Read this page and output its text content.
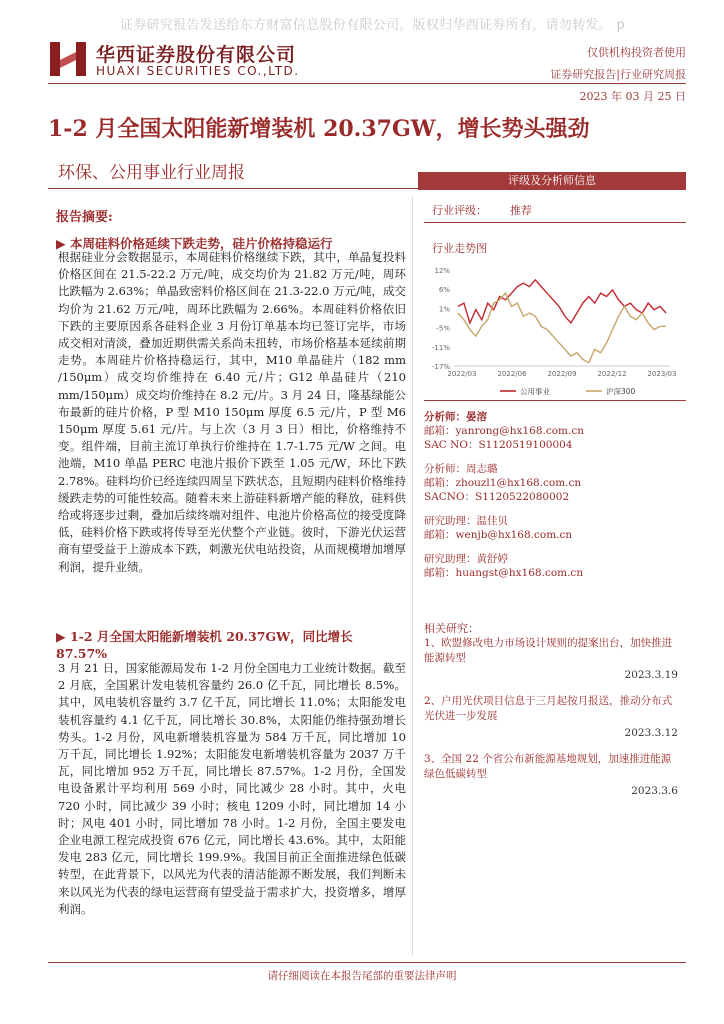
证券研究报告发送给东方财富信息股份有限公司。版权归华西证券所有，请勿转发。 p
华西证券股份有限公司
HUAXI SECURITIES CO.,LTD.
仅供机构投资者使用
证券研究报告|行业研究周报
2023 年 03 月 25 日
1-2 月全国太阳能新增装机 20.37GW，增长势头强劲
环保、公用事业行业周报	评级及分析师信息
报告摘要:
▶ 本周硅料价格延续下跌走势，硅片价格持稳运行
根据硅业分会数据显示，本周硅料价格继续下跌，其中，单晶复投料价格区间在 21.5-22.2 万元/吨，成交均价为 21.82 万元/吨，周环比跌幅为 2.63%；单晶致密料价格区间在 21.3-22.0 万元/吨，成交均价为 21.62 万元/吨，周环比跌幅为 2.66%。本周硅料价格依旧下跌的主要原因系各硅料企业 3 月份订单基本均已签订完毕，市场成交相对清淡，叠加近期供需关系尚未扭转，市场价格基本延续前期走势。本周硅片价格持稳运行，其中，M10 单晶硅片（182 mm /150μm）成交均价维持在 6.40 元/片；G12 单晶硅片（210 mm/150μm）成交均价维持在 8.2 元/片。3 月 24 日，隆基绿能公布最新的硅片价格，P 型 M10 150μm 厚度 6.5 元/片，P 型 M6 150μm 厚度 5.61 元/片。与上次（3 月 3 日）相比，价格维持不变。组件端，目前主流订单执行价维持在 1.7-1.75 元/W 之间。电池端，M10 单晶 PERC 电池片报价下跌至 1.05 元/W，环比下跌 2.78%。硅料均价已经连续四周呈下跌状态，且短期内硅料价格维持缓跌走势的可能性较高。随着未来上游硅料新增产能的释放，硅料供给或将逐步过剩，叠加后续终端对组件、电池片价格高位的接受度降低，硅料价格下跌或将传导至光伏整个产业链。彼时，下游光伏运营商有望受益于上游成本下跌，刺激光伏电站投资，从而规模增加增厚利润，提升业绩。
▶ 1-2 月全国太阳能新增装机 20.37GW，同比增长 87.57%
3 月 21 日，国家能源局发布 1-2 月份全国电力工业统计数据。截至 2 月底，全国累计发电装机容量约 26.0 亿千瓦，同比增长 8.5%。其中，风电装机容量约 3.7 亿千瓦，同比增长 11.0%；太阳能发电装机容量约 4.1 亿千瓦，同比增长 30.8%，太阳能仍维持强劲增长势头。1-2 月份，风电新增装机容量为 584 万千瓦，同比增加 10 万千瓦，同比增长 1.92%；太阳能发电新增装机容量为 2037 万千瓦，同比增加 952 万千瓦，同比增长 87.57%。1-2 月份，全国发电设备累计平均利用 569 小时，同比减少 28 小时。其中，火电 720 小时，同比减少 39 小时；核电 1209 小时，同比增加 14 小时；风电 401 小时，同比增加 78 小时。1-2 月份，全国主要发电企业电源工程完成投资 676 亿元，同比增长 43.6%。其中，太阳能发电 283 亿元，同比增长 199.9%。我国目前正全面推进绿色低碳转型，在此背景下，以风光为代表的清洁能源不断发展，我们判断未来以风光为代表的绿电运营商有望受益于需求扩大，投资增多，增厚利润。
行业评级： 推荐
行业走势图
12%
6%
1%
-5%
-11%
-17%
2022/03	2022/06	2022/09	2022/12	2023/03
公用事业	沪深300
分析师：晏溶
邮箱：yanrong@hx168.com.cn
SAC NO：S1120519100004
分析师：周志璐
邮箱：zhouzl1@hx168.com.cn
SACNO：S1120522080002
研究助理：温佳贝
邮箱：wenjb@hx168.com.cn
研究助理：黄舒婷
邮箱：huangst@hx168.com.cn
相关研究：
1、欧盟修改电力市场设计规则的提案出台，加快推进能源转型
2023.3.19
2、户用光伏项目信息于三月起按月报送，推动分布式光伏进一步发展
2023.3.12
3、全国 22 个省公布新能源基地规划，加速推进能源绿色低碳转型
2023.3.6
请仔细阅读在本报告尾部的重要法律声明
